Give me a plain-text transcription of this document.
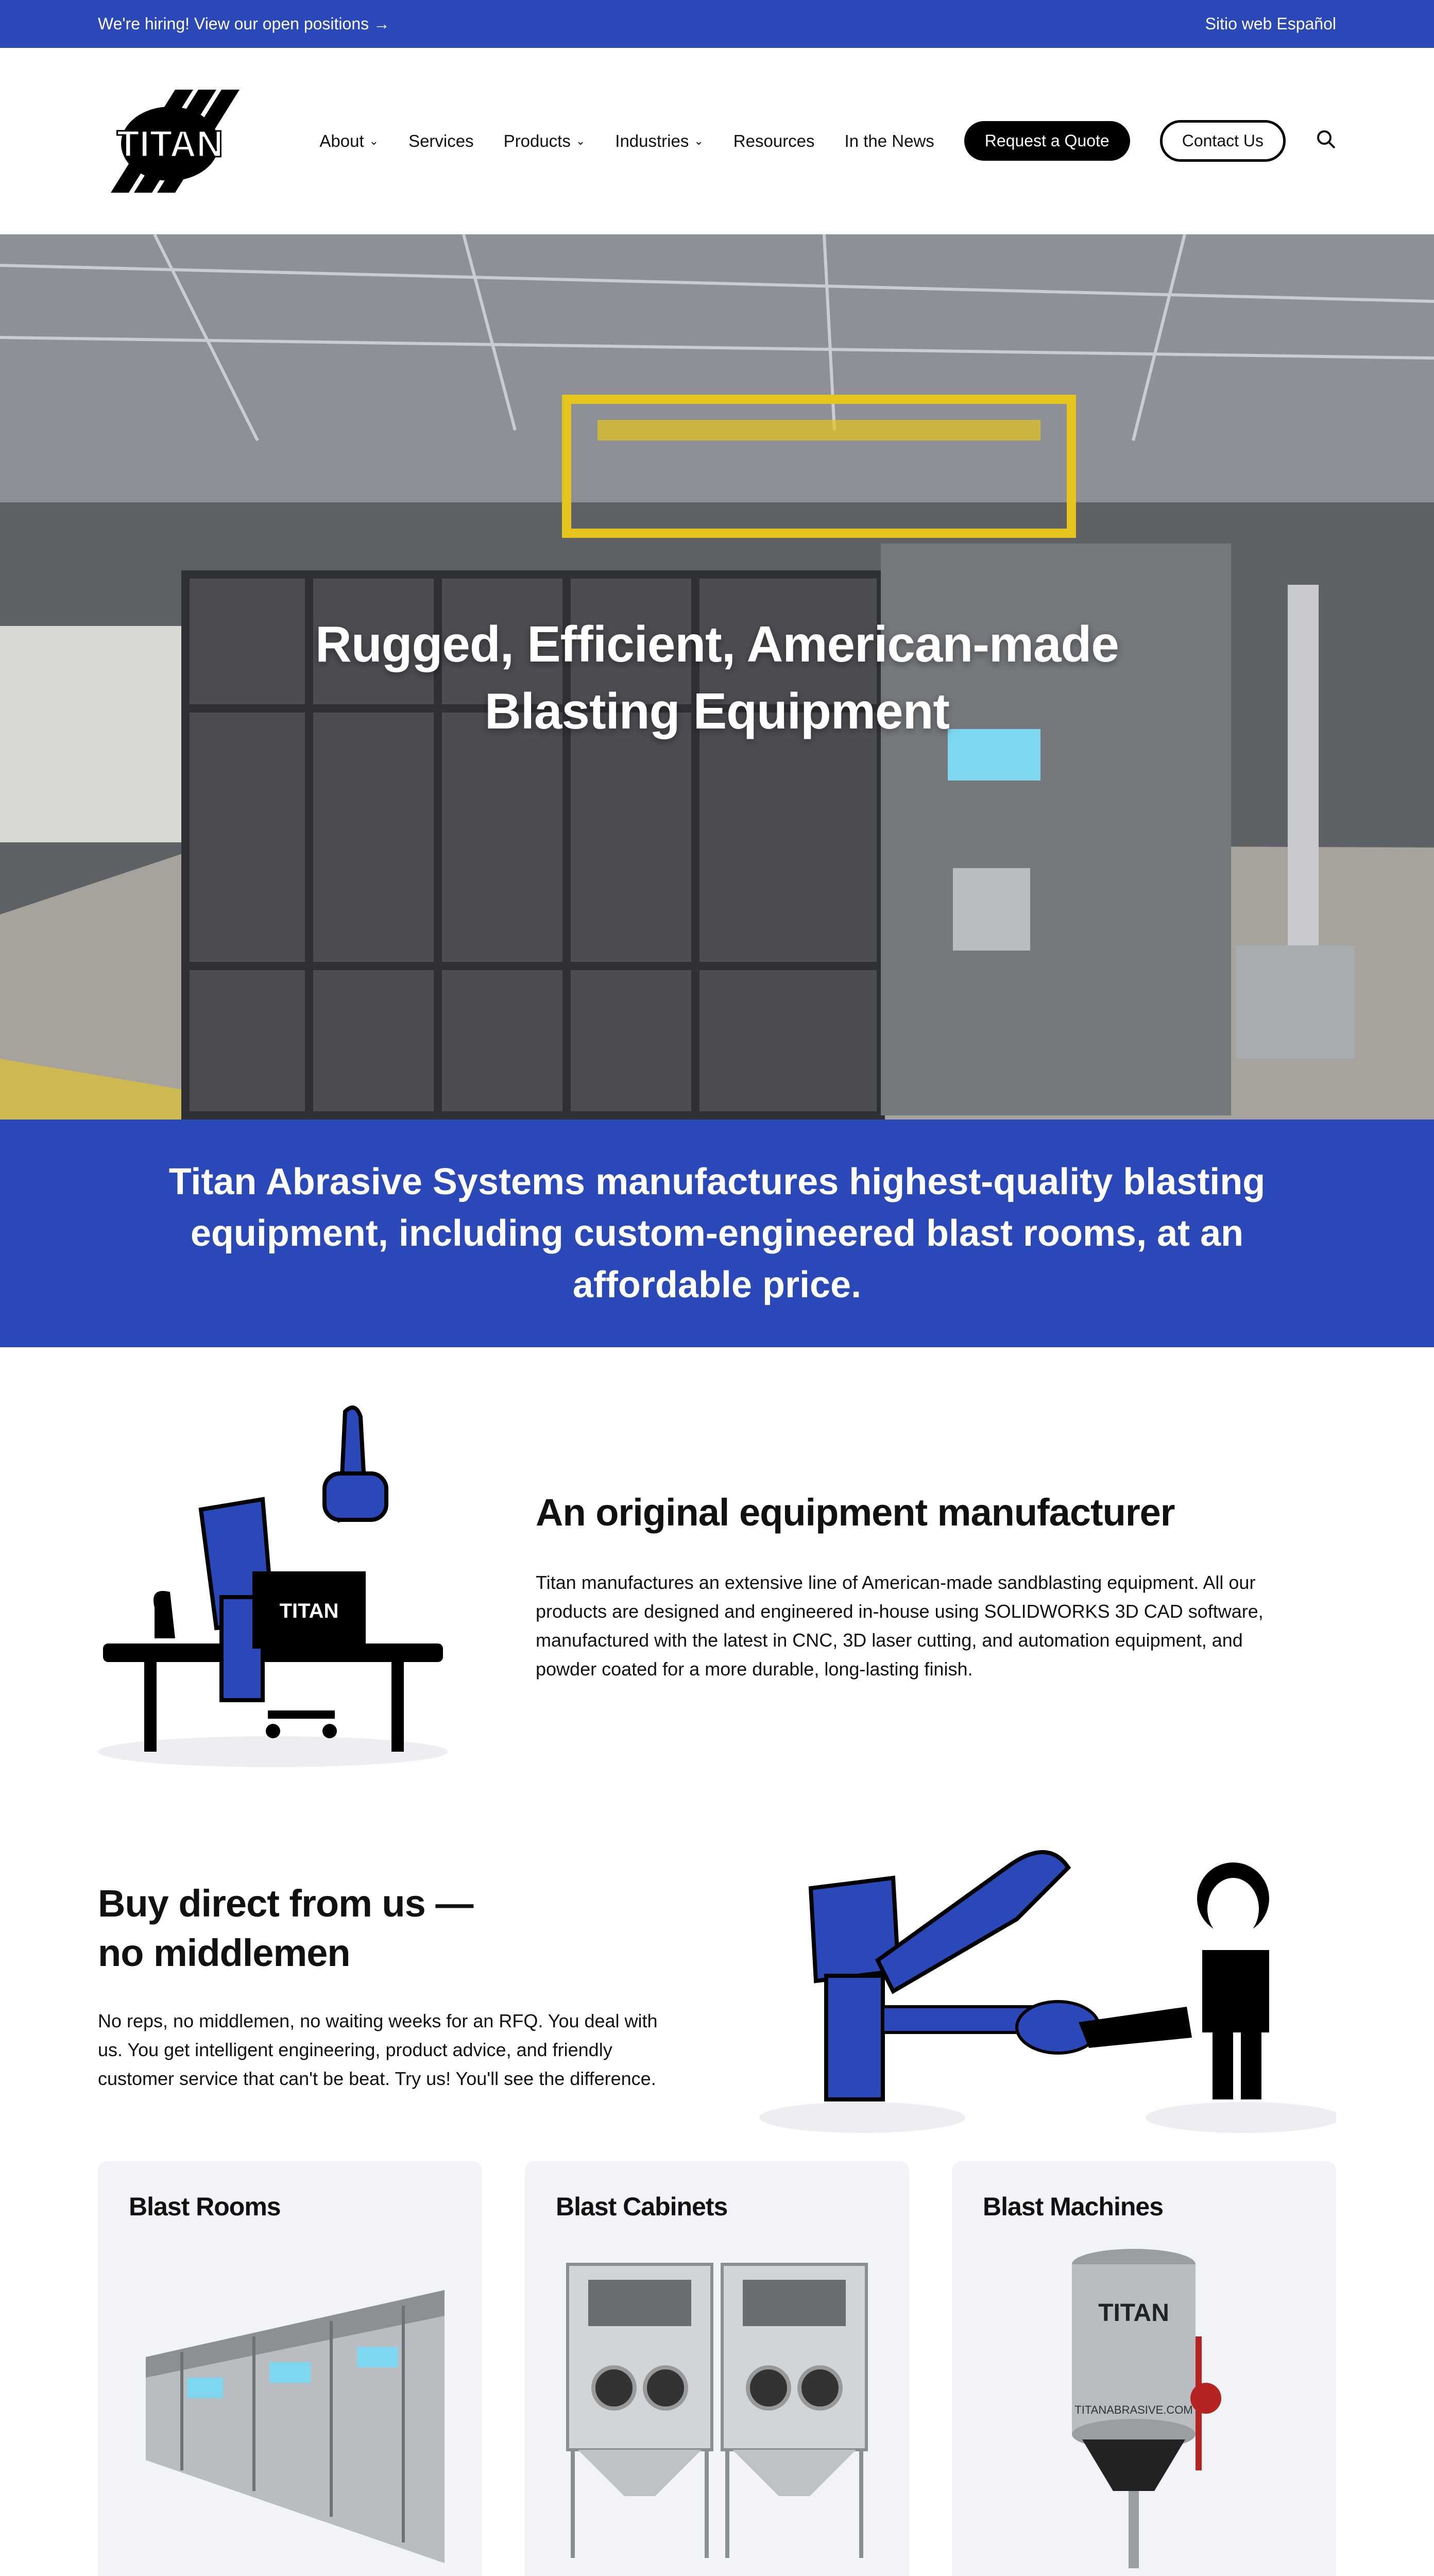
We're hiring! View our open positions →	Sitio web Español
TITAN	About ⌄ Services Products ⌄ Industries ⌄ Resources In the News	Request a Quote	Contact Us
Rugged, Efficient, American-made
Blasting Equipment

Titan Abrasive Systems manufactures highest-quality blasting equipment, including custom-engineered blast rooms, at an affordable price.

TITAN
An original equipment manufacturer

Titan manufactures an extensive line of American-made sandblasting equipment. All our products are designed and engineered in-house using SOLIDWORKS 3D CAD software, manufactured with the latest in CNC, 3D laser cutting, and automation equipment, and powder coated for a more durable, long-lasting finish.

Buy direct from us —
no middlemen

No reps, no middlemen, no waiting weeks for an RFQ. You deal with us. You get intelligent engineering, product advice, and friendly customer service that can't be beat. Try us! You'll see the difference.

Blast Rooms	Blast Cabinets	Blast Machines
TITAN
TITANABRASIVE.COM
